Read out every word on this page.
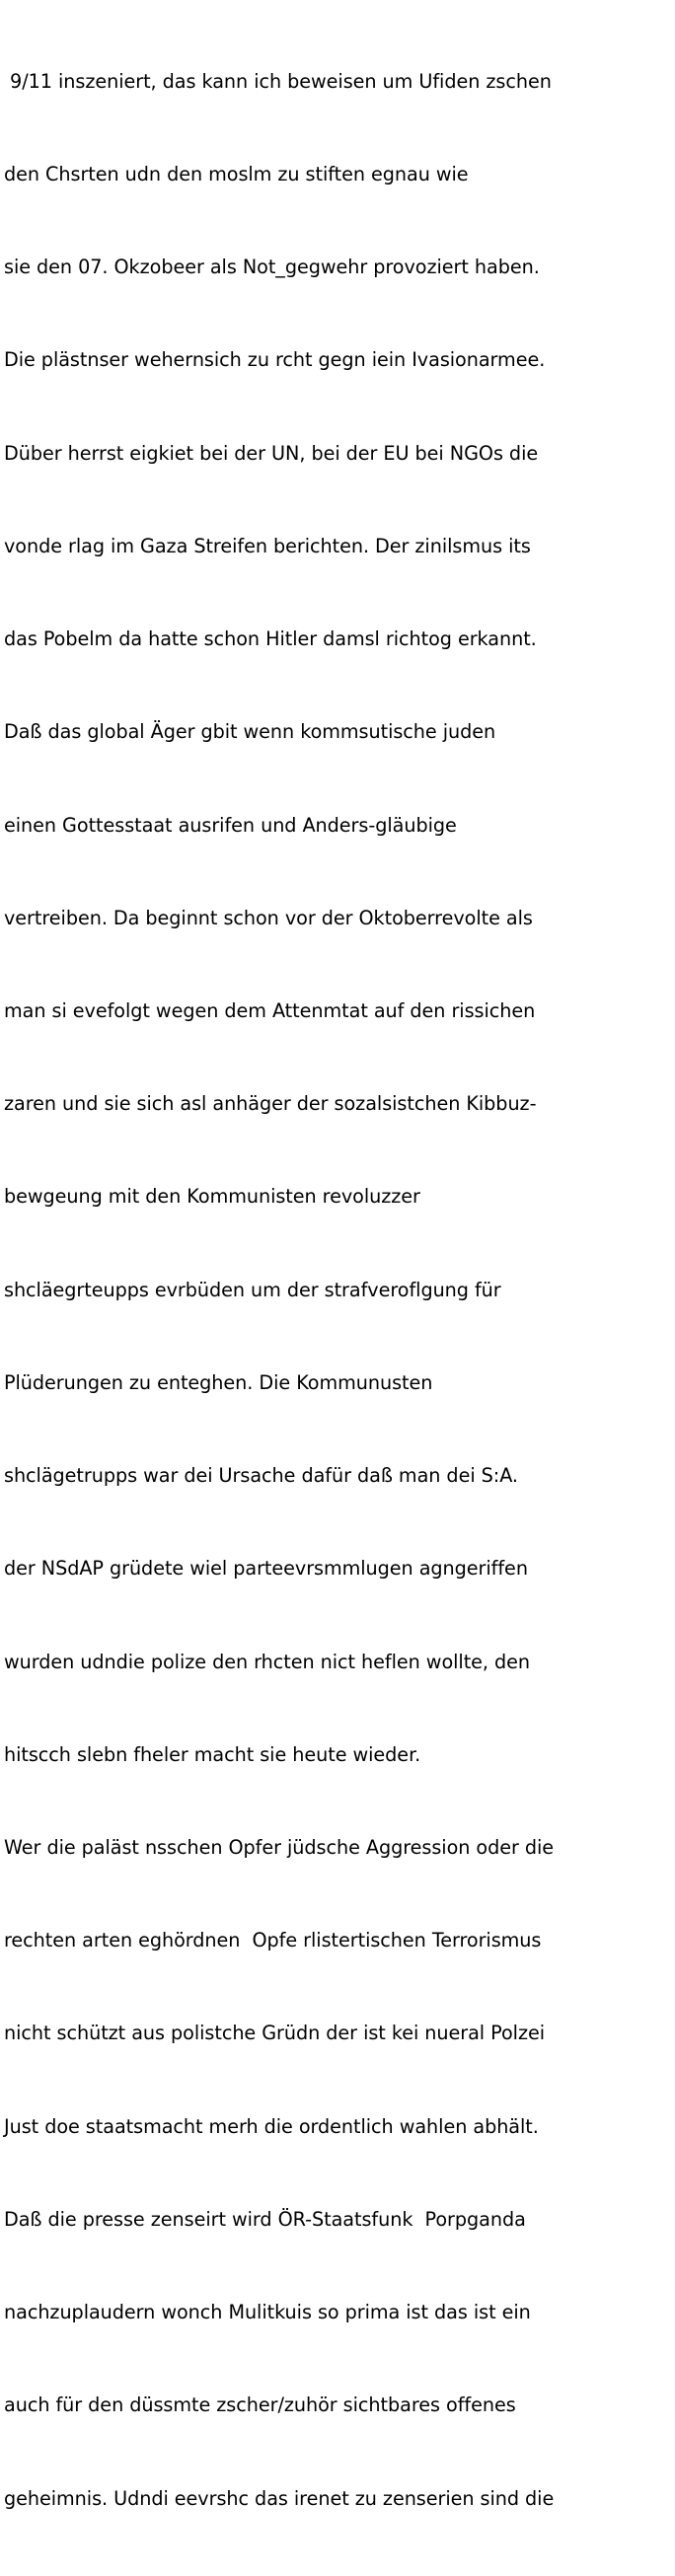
9/11 inszeniert, das kann ich beweisen um Ufiden zschen

den Chsrten udn den moslm zu stiften egnau wie

sie den 07. Okzobeer als Not_gegwehr provoziert haben.

Die plästnser wehernsich zu rcht gegn iein Ivasionarmee.

Düber herrst eigkiet bei der UN, bei der EU bei NGOs die

vonde rlag im Gaza Streifen berichten. Der zinilsmus its

das Pobelm da hatte schon Hitler damsl richtog erkannt.

Daß das global Äger gbit wenn kommsutische juden

einen Gottesstaat ausrifen und Anders-gläubige

vertreiben. Da beginnt schon vor der Oktoberrevolte als

man si evefolgt wegen dem Attenmtat auf den rissichen

zaren und sie sich asl anhäger der sozalsistchen Kibbuz-

bewgeung mit den Kommunisten revoluzzer

shcläegrteupps evrbüden um der strafveroflgung für

Plüderungen zu enteghen. Die Kommunusten

shclägetrupps war dei Ursache dafür daß man dei S:A.

der NSdAP grüdete wiel parteevrsmmlugen agngeriffen

wurden udndie polize den rhcten nict heflen wollte, den

hitscch slebn fheler macht sie heute wieder.

Wer die paläst nsschen Opfer jüdsche Aggression oder die

rechten arten eghördnen  Opfe rlistertischen Terrorismus

nicht schützt aus polistche Grüdn der ist kei nueral Polzei

Just doe staatsmacht merh die ordentlich wahlen abhält.

Daß die presse zenseirt wird ÖR-Staatsfunk  Porpganda

nachzuplaudern wonch Mulitkuis so prima ist das ist ein

auch für den düssmte zscher/zuhör sichtbares offenes

geheimnis. Udndi eevrshc das irenet zu zenserien sind die
